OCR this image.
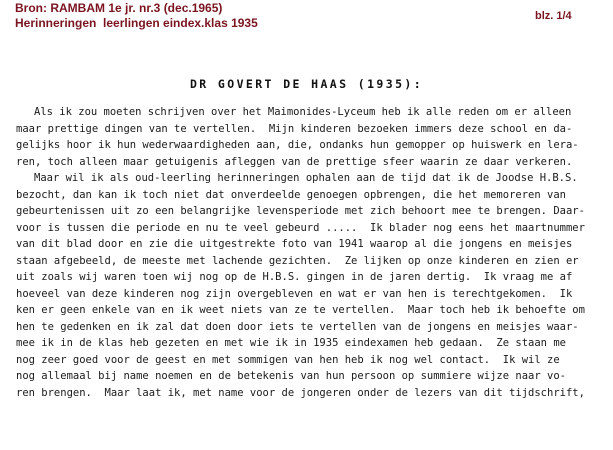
Bron: RAMBAM 1e jr. nr.3 (dec.1965)
Herinneringen  leerlingen eindex.klas 1935	blz. 1/4
DR GOVERT DE HAAS (1935):
Als ik zou moeten schrijven over het Maimonides-Lyceum heb ik alle reden om er alleen
maar prettige dingen van te vertellen.  Mijn kinderen bezoeken immers deze school en da-
gelijks hoor ik hun wederwaardigheden aan, die, ondanks hun gemopper op huiswerk en lera-
ren, toch alleen maar getuigenis afleggen van de prettige sfeer waarin ze daar verkeren.
Maar wil ik als oud-leerling herinneringen ophalen aan de tijd dat ik de Joodse H.B.S.
bezocht, dan kan ik toch niet dat onverdeelde genoegen opbrengen, die het memoreren van
gebeurtenissen uit zo een belangrijke levensperiode met zich behoort mee te brengen. Daar-
voor is tussen die periode en nu te veel gebeurd .....  Ik blader nog eens het maartnummer
van dit blad door en zie die uitgestrekte foto van 1941 waarop al die jongens en meisjes
staan afgebeeld, de meeste met lachende gezichten.  Ze lijken op onze kinderen en zien er
uit zoals wij waren toen wij nog op de H.B.S. gingen in de jaren dertig.  Ik vraag me af
hoeveel van deze kinderen nog zijn overgebleven en wat er van hen is terechtgekomen.  Ik
ken er geen enkele van en ik weet niets van ze te vertellen.  Maar toch heb ik behoefte om
hen te gedenken en ik zal dat doen door iets te vertellen van de jongens en meisjes waar-
mee ik in de klas heb gezeten en met wie ik in 1935 eindexamen heb gedaan.  Ze staan me
nog zeer goed voor de geest en met sommigen van hen heb ik nog wel contact.  Ik wil ze
nog allemaal bij name noemen en de betekenis van hun persoon op summiere wijze naar vo-
ren brengen.  Maar laat ik, met name voor de jongeren onder de lezers van dit tijdschrift,
